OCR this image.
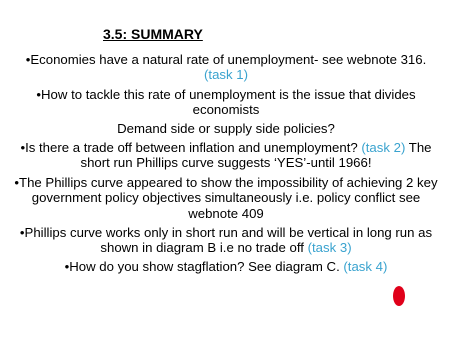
3.5: SUMMARY

•Economies have a natural rate of unemployment- see webnote 316. (task 1)

•How to tackle this rate of unemployment is the issue that divides economists

Demand side or supply side policies?

•Is there a trade off between inflation and unemployment? (task 2) The short run Phillips curve suggests ‘YES’-until 1966!

•The Phillips curve appeared to show the impossibility of achieving 2 key government policy objectives simultaneously i.e. policy conflict see webnote 409

•Phillips curve works only in short run and will be vertical in long run as shown in diagram B i.e no trade off (task 3)

•How do you show stagflation? See diagram C. (task 4)
